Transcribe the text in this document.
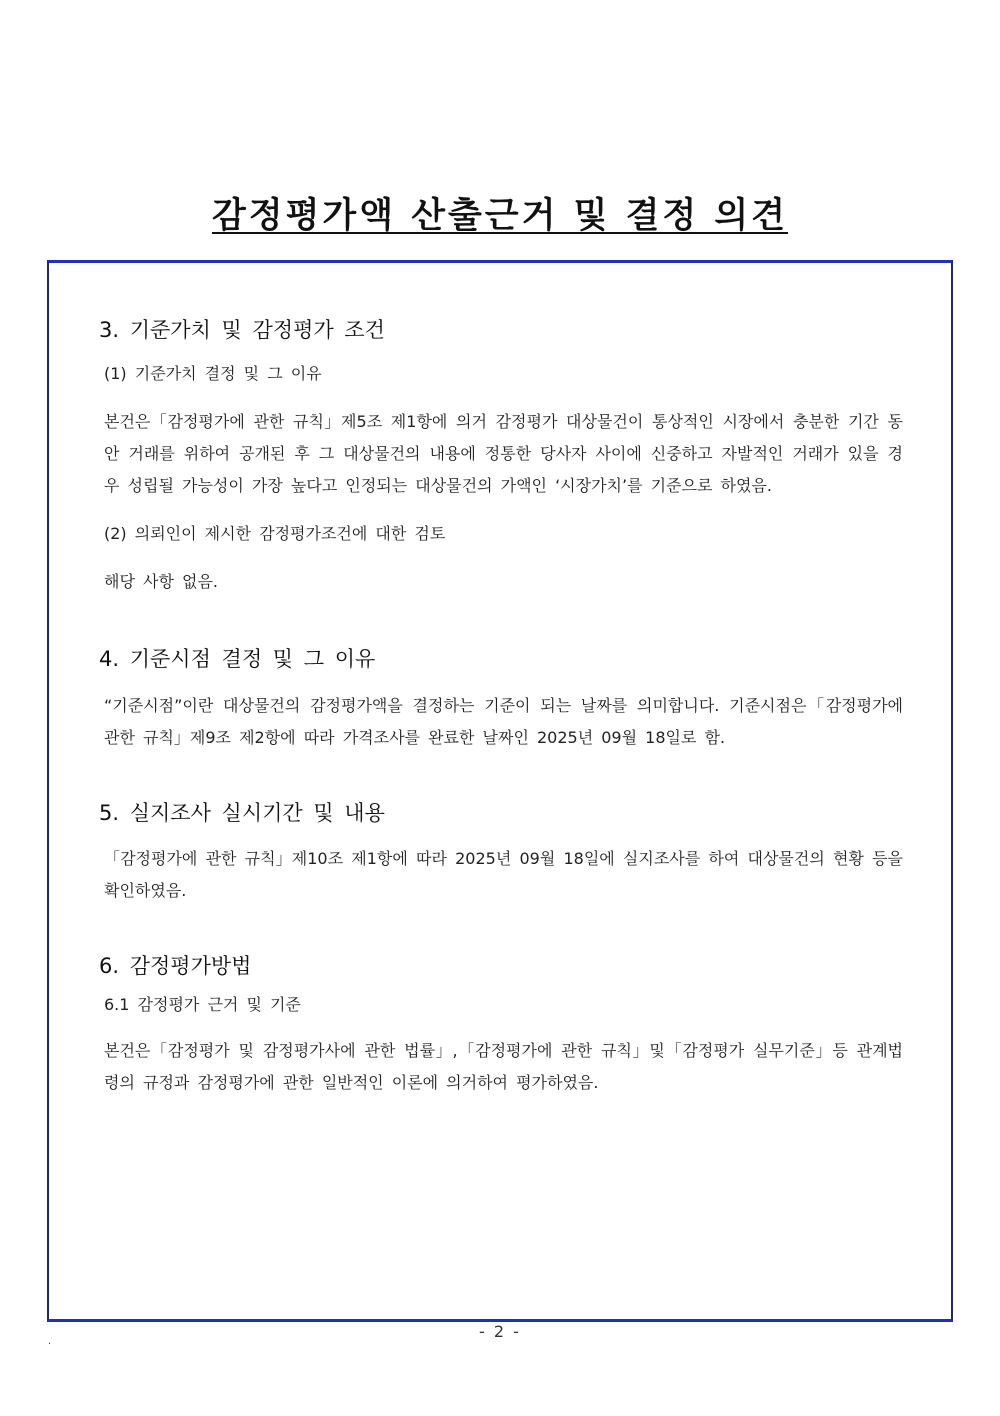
감정평가액 산출근거 및 결정 의견
3. 기준가치 및 감정평가 조건

(1) 기준가치 결정 및 그 이유

본건은「감정평가에 관한 규칙」제5조 제1항에 의거 감정평가 대상물건이 통상적인 시장에서 충분한 기간 동안 거래를 위하여 공개된 후 그 대상물건의 내용에 정통한 당사자 사이에 신중하고 자발적인 거래가 있을 경우 성립될 가능성이 가장 높다고 인정되는 대상물건의 가액인 ‘시장가치’를 기준으로 하였음.

(2) 의뢰인이 제시한 감정평가조건에 대한 검토

해당 사항 없음.

4. 기준시점 결정 및 그 이유

“기준시점”이란 대상물건의 감정평가액을 결정하는 기준이 되는 날짜를 의미합니다. 기준시점은「감정평가에 관한 규칙」제9조 제2항에 따라 가격조사를 완료한 날짜인 2025년 09월 18일로 함.

5. 실지조사 실시기간 및 내용

「감정평가에 관한 규칙」제10조 제1항에 따라 2025년 09월 18일에 실지조사를 하여 대상물건의 현황 등을 확인하였음.

6. 감정평가방법

6.1 감정평가 근거 및 기준

본건은「감정평가 및 감정평가사에 관한 법률」,「감정평가에 관한 규칙」및「감정평가 실무기준」등 관계법령의 규정과 감정평가에 관한 일반적인 이론에 의거하여 평가하였음.

.
- 2 -
